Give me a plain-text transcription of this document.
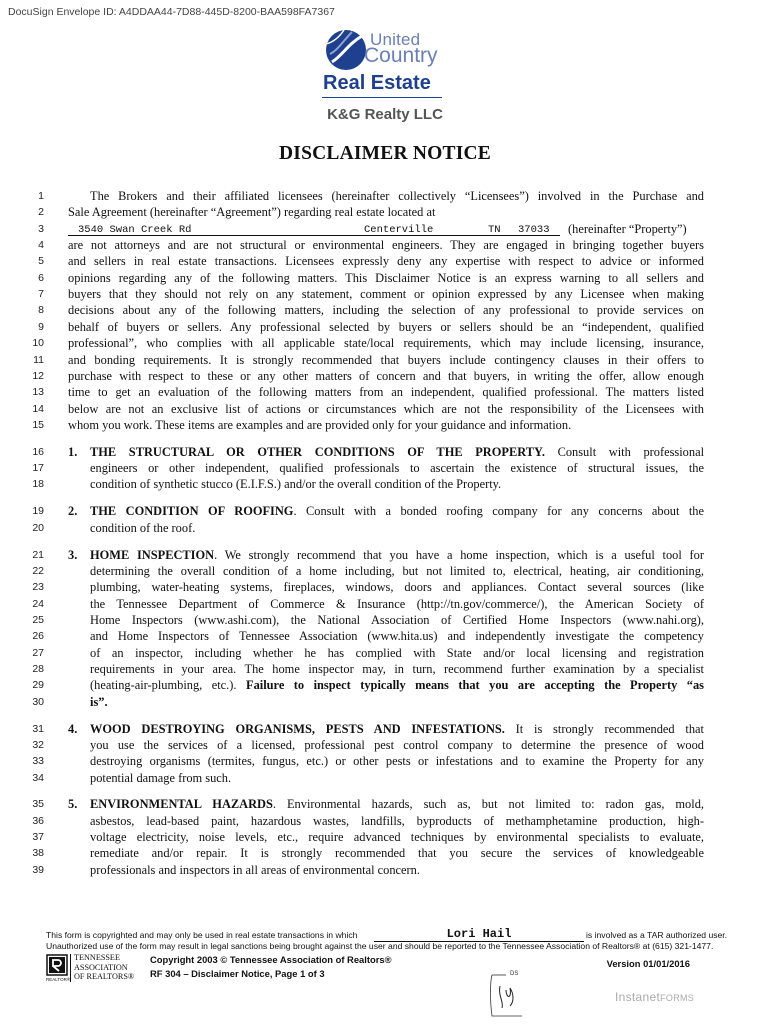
DocuSign Envelope ID: A4DDAA44-7D88-445D-8200-BAA598FA7367
United
Country
Real Estate
K&G Realty LLC
DISCLAIMER NOTICE
1	The Brokers and their affiliated licensees (hereinafter collectively “Licensees”) involved in the Purchase and
2 Sale Agreement (hereinafter “Agreement”) regarding real estate located at
3	3540 Swan Creek Rd	Centerville	TN 37033 (hereinafter “Property”)
4 are not attorneys and are not structural or environmental engineers. They are engaged in bringing together buyers
5 and sellers in real estate transactions. Licensees expressly deny any expertise with respect to advice or informed
6 opinions regarding any of the following matters. This Disclaimer Notice is an express warning to all sellers and
7 buyers that they should not rely on any statement, comment or opinion expressed by any Licensee when making
8 decisions about any of the following matters, including the selection of any professional to provide services on
9 behalf of buyers or sellers. Any professional selected by buyers or sellers should be an “independent, qualified
10 professional”, who complies with all applicable state/local requirements, which may include licensing, insurance,
11 and bonding requirements. It is strongly recommended that buyers include contingency clauses in their offers to
12 purchase with respect to these or any other matters of concern and that buyers, in writing the offer, allow enough
13 time to get an evaluation of the following matters from an independent, qualified professional. The matters listed
14 below are not an exclusive list of actions or circumstances which are not the responsibility of the Licensees with
15 whom you work. These items are examples and are provided only for your guidance and information.
16 1. THE STRUCTURAL OR OTHER CONDITIONS OF THE PROPERTY. Consult with professional
17	engineers or other independent, qualified professionals to ascertain the existence of structural issues, the
18	condition of synthetic stucco (E.I.F.S.) and/or the overall condition of the Property.
19 2. THE CONDITION OF ROOFING. Consult with a bonded roofing company for any concerns about the
20	condition of the roof.
21 3. HOME INSPECTION. We strongly recommend that you have a home inspection, which is a useful tool for
22	determining the overall condition of a home including, but not limited to, electrical, heating, air conditioning,
23	plumbing, water-heating systems, fireplaces, windows, doors and appliances. Contact several sources (like
24	the Tennessee Department of Commerce & Insurance (http://tn.gov/commerce/), the American Society of
25	Home Inspectors (www.ashi.com), the National Association of Certified Home Inspectors (www.nahi.org),
26	and Home Inspectors of Tennessee Association (www.hita.us) and independently investigate the competency
27	of an inspector, including whether he has complied with State and/or local licensing and registration
28	requirements in your area. The home inspector may, in turn, recommend further examination by a specialist
29	(heating-air-plumbing, etc.). Failure to inspect typically means that you are accepting the Property “as
30	is”.
31 4. WOOD DESTROYING ORGANISMS, PESTS AND INFESTATIONS. It is strongly recommended that
32	you use the services of a licensed, professional pest control company to determine the presence of wood
33	destroying organisms (termites, fungus, etc.) or other pests or infestations and to examine the Property for any
34	potential damage from such.
35 5. ENVIRONMENTAL HAZARDS. Environmental hazards, such as, but not limited to: radon gas, mold,
36	asbestos, lead-based paint, hazardous wastes, landfills, byproducts of methamphetamine production, high-
37	voltage electricity, noise levels, etc., require advanced techniques by environmental specialists to evaluate,
38	remediate and/or repair. It is strongly recommended that you secure the services of knowledgeable
39	professionals and inspectors in all areas of environmental concern.
This form is copyrighted and may only be used in real estate transactions in which	Lori Hail	is involved as a TAR authorized user.
Unauthorized use of the form may result in legal sanctions being brought against the user and should be reported to the Tennessee Association of Realtors® at (615) 321-1477.
REALTOR®
TENNESSEE
ASSOCIATION
OF REALTORS®
Copyright 2003 © Tennessee Association of Realtors®
RF 304 – Disclaimer Notice, Page 1 of 3
Version 01/01/2016
DS
InstanetFORMS
